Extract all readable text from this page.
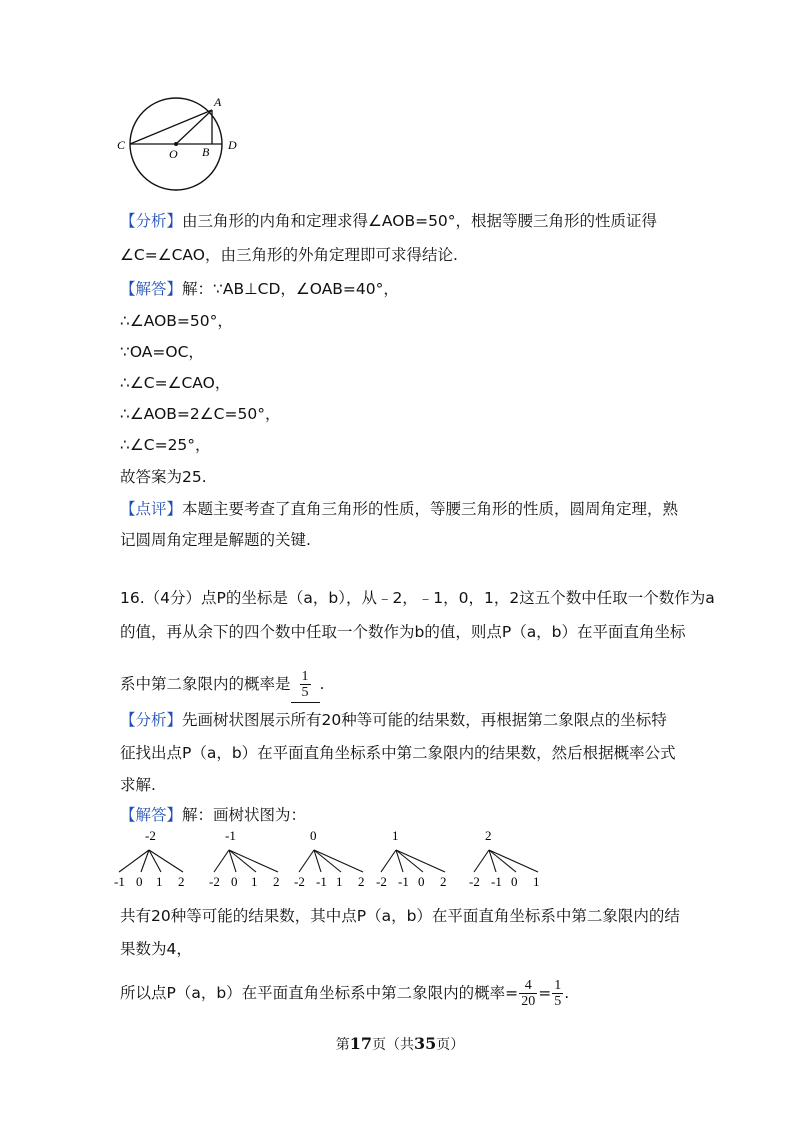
A
C
O B D
【分析】由三角形的内角和定理求得∠AOB=50°，根据等腰三角形的性质证得
∠C=∠CAO，由三角形的外角定理即可求得结论.
【解答】解：∵AB⊥CD，∠OAB=40°，
∴∠AOB=50°，
∵OA=OC，
∴∠C=∠CAO，
∴∠AOB=2∠C=50°，
∴∠C=25°，
故答案为25.
【点评】本题主要考查了直角三角形的性质，等腰三角形的性质，圆周角定理，熟
记圆周角定理是解题的关键.
16.（4分）点P的坐标是（a，b），从﹣2，﹣1，0，1，2这五个数中任取一个数作为a
的值，再从余下的四个数中任取一个数作为b的值，则点P（a，b）在平面直角坐标
系中第二象限内的概率是 $\frac{1}{5}$ .
【分析】先画树状图展示所有20种等可能的结果数，再根据第二象限点的坐标特
征找出点P（a，b）在平面直角坐标系中第二象限内的结果数，然后根据概率公式
求解.
【解答】解：画树状图为：
-2
-1 0 1 2
-1
-2 0 1 2
0
-2 -1 1 2
1
-2 -1 0 2
2
-2 -1 0 1
共有20种等可能的结果数，其中点P（a，b）在平面直角坐标系中第二象限内的结
果数为4，
所以点P（a，b）在平面直角坐标系中第二象限内的概率= $\frac{4}{20} = \frac{1}{5}$ .
第17页（共35页）
